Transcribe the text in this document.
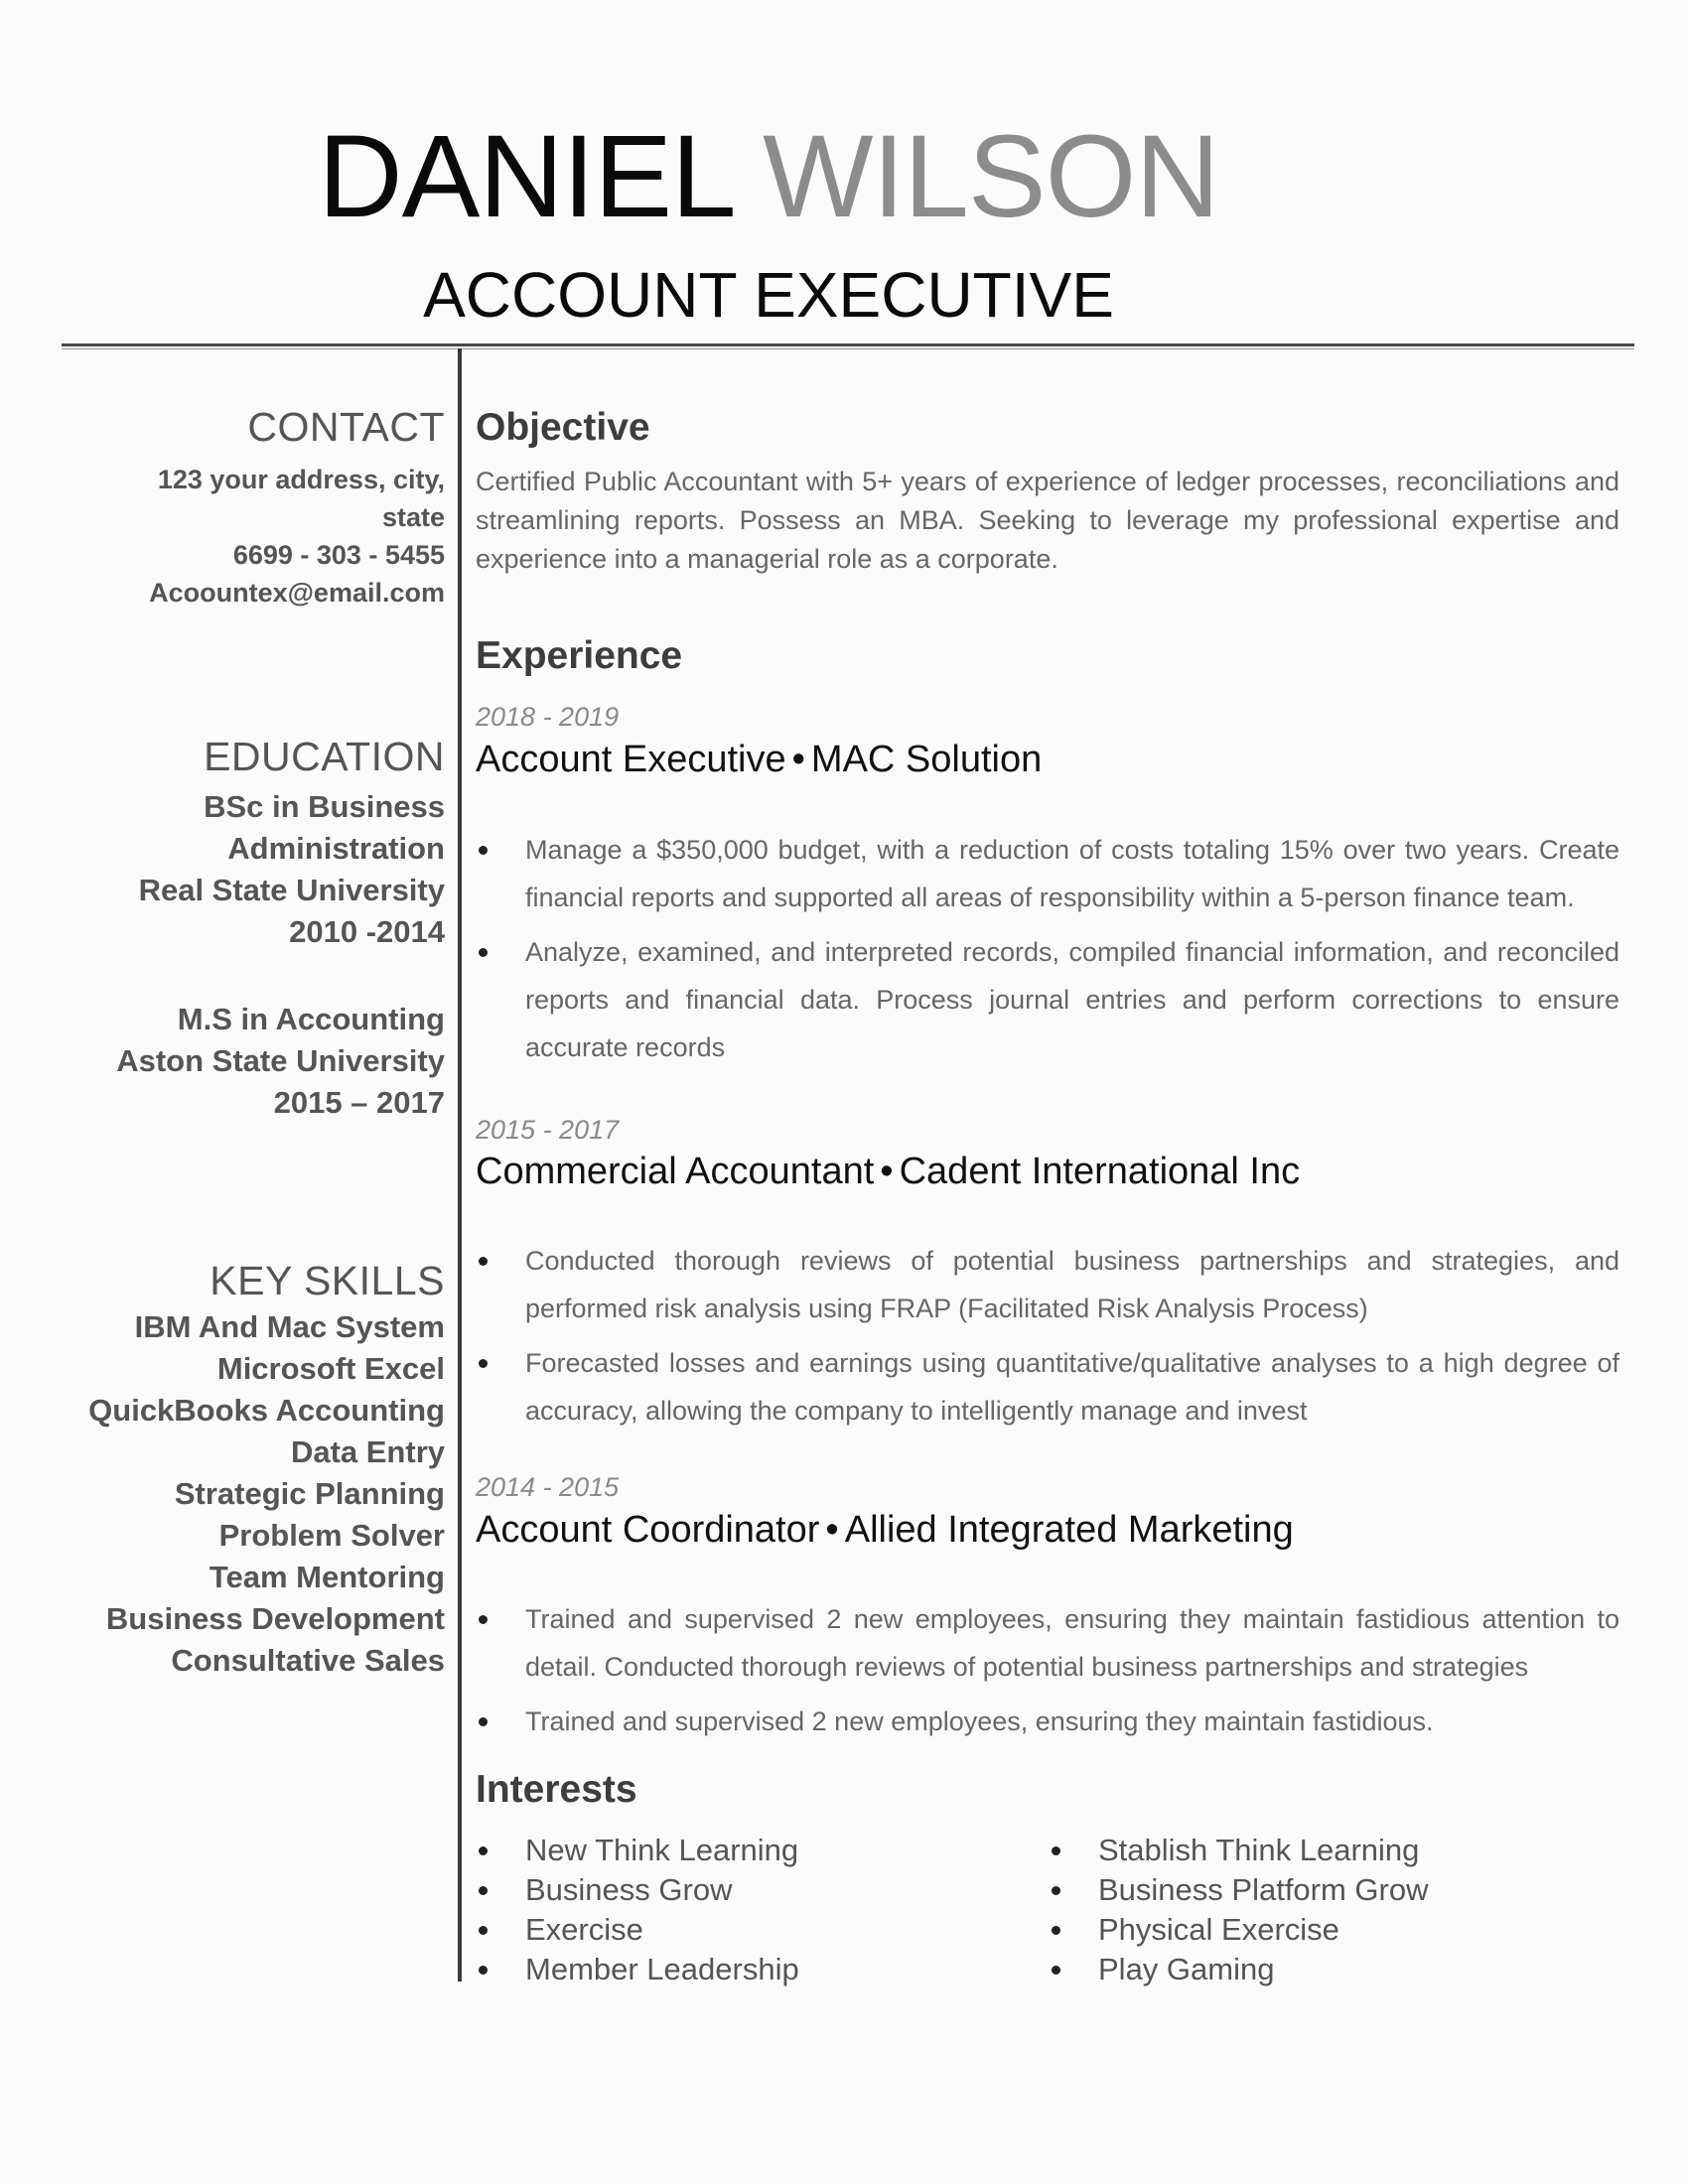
DANIEL WILSON
ACCOUNT EXECUTIVE
CONTACT
123 your address, city,
state
6699 - 303 - 5455
Acoountex@email.com
EDUCATION
BSc in Business
Administration
Real State University
2010 -2014
M.S in Accounting
Aston State University
2015 – 2017
KEY SKILLS
IBM And Mac System
Microsoft Excel
QuickBooks Accounting
Data Entry
Strategic Planning
Problem Solver
Team Mentoring
Business Development
Consultative Sales
Objective
Certified Public Accountant with 5+ years of experience of ledger processes, reconciliations and streamlining reports. Possess an MBA. Seeking to leverage my professional expertise and experience into a managerial role as a corporate.
Experience
2018 - 2019
Account Executive • MAC Solution
Manage a $350,000 budget, with a reduction of costs totaling 15% over two years. Create financial reports and supported all areas of responsibility within a 5-person finance team.
Analyze, examined, and interpreted records, compiled financial information, and reconciled reports and financial data. Process journal entries and perform corrections to ensure accurate records
2015 - 2017
Commercial Accountant • Cadent International Inc
Conducted thorough reviews of potential business partnerships and strategies, and performed risk analysis using FRAP (Facilitated Risk Analysis Process)
Forecasted losses and earnings using quantitative/qualitative analyses to a high degree of accuracy, allowing the company to intelligently manage and invest
2014 - 2015
Account Coordinator • Allied Integrated Marketing
Trained and supervised 2 new employees, ensuring they maintain fastidious attention to detail. Conducted thorough reviews of potential business partnerships and strategies
Trained and supervised 2 new employees, ensuring they maintain fastidious.
Interests
New Think Learning
Business Grow
Exercise
Member Leadership
Stablish Think Learning
Business Platform Grow
Physical Exercise
Play Gaming
